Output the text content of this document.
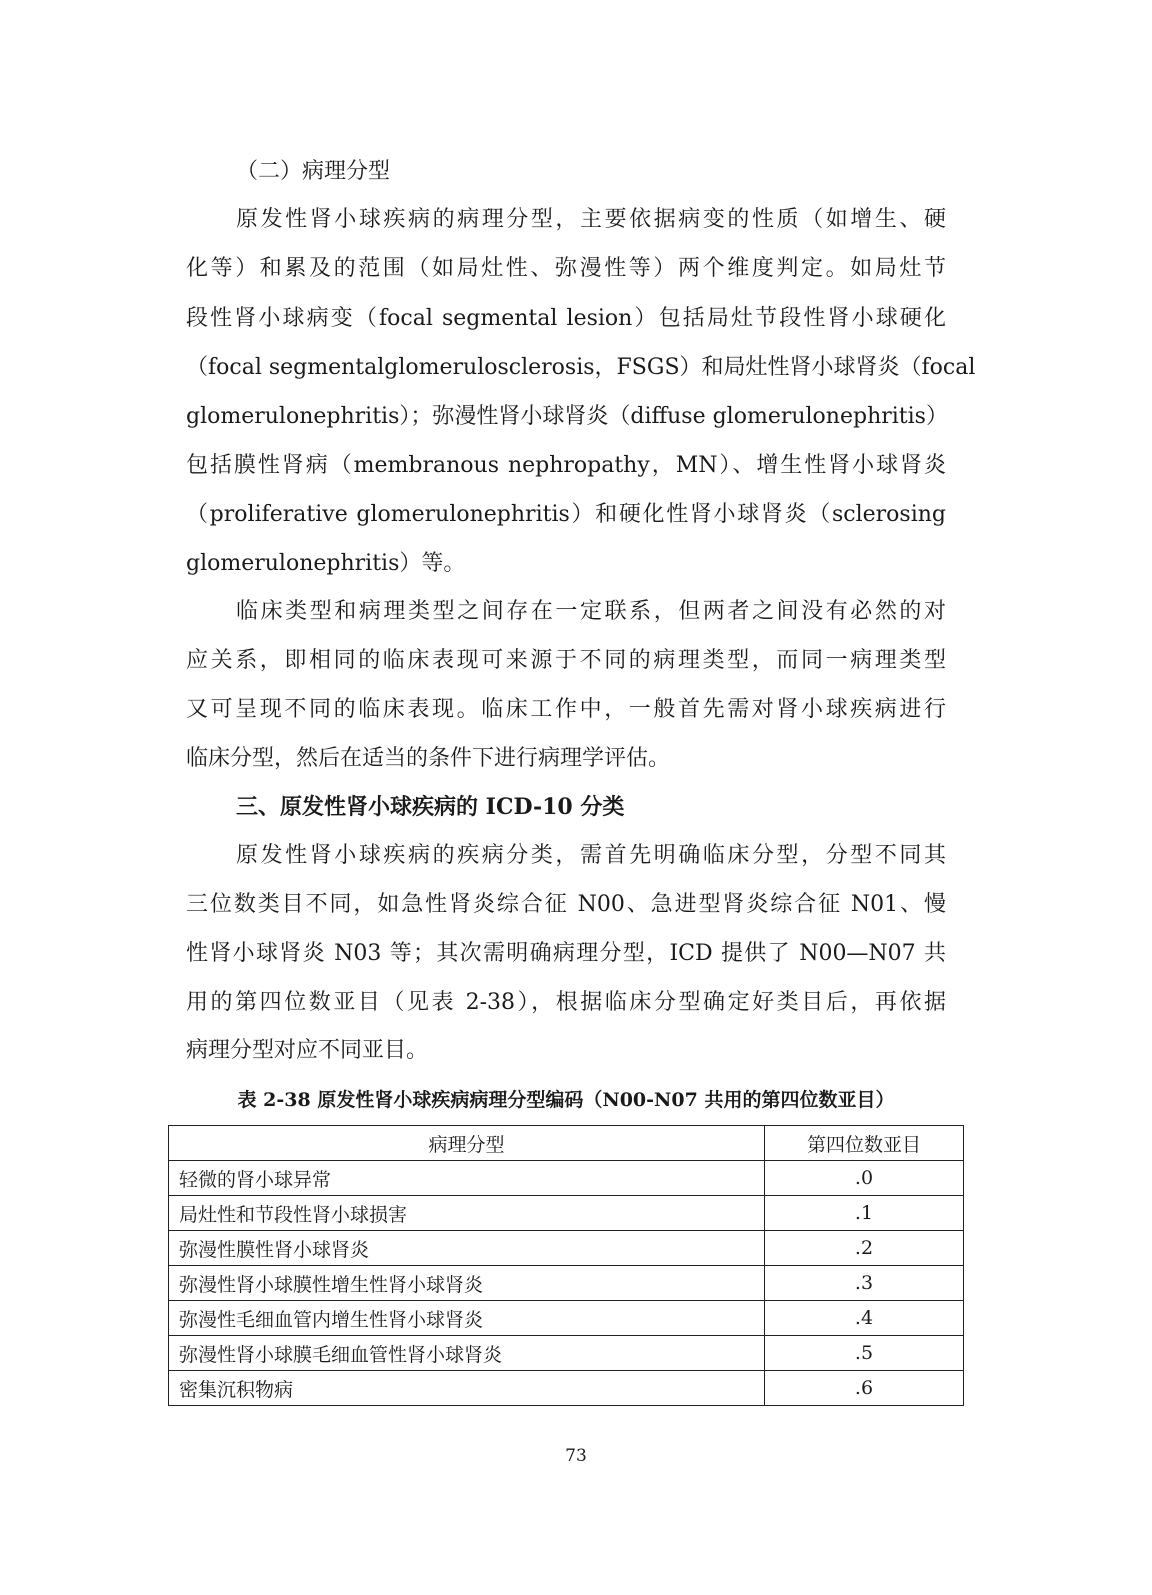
（二）病理分型
原发性肾小球疾病的病理分型，主要依据病变的性质（如增生、硬
化等）和累及的范围（如局灶性、弥漫性等）两个维度判定。如局灶节
段性肾小球病变（focal segmental lesion）包括局灶节段性肾小球硬化
（focal segmentalglomerulosclerosis，FSGS）和局灶性肾小球肾炎（focal
glomerulonephritis）；弥漫性肾小球肾炎（diffuse glomerulonephritis）
包括膜性肾病（membranous nephropathy，MN）、增生性肾小球肾炎
（proliferative glomerulonephritis）和硬化性肾小球肾炎（sclerosing
glomerulonephritis）等。
临床类型和病理类型之间存在一定联系，但两者之间没有必然的对
应关系，即相同的临床表现可来源于不同的病理类型，而同一病理类型
又可呈现不同的临床表现。临床工作中，一般首先需对肾小球疾病进行
临床分型，然后在适当的条件下进行病理学评估。
三、原发性肾小球疾病的 ICD-10 分类
原发性肾小球疾病的疾病分类，需首先明确临床分型，分型不同其
三位数类目不同，如急性肾炎综合征 N00、急进型肾炎综合征 N01、慢
性肾小球肾炎 N03 等；其次需明确病理分型，ICD 提供了 N00—N07 共
用的第四位数亚目（见表 2-38），根据临床分型确定好类目后，再依据
病理分型对应不同亚目。
表 2-38 原发性肾小球疾病病理分型编码（N00-N07 共用的第四位数亚目）
病理分型	第四位数亚目
轻微的肾小球异常	.0
局灶性和节段性肾小球损害	.1
弥漫性膜性肾小球肾炎	.2
弥漫性肾小球膜性增生性肾小球肾炎	.3
弥漫性毛细血管内增生性肾小球肾炎	.4
弥漫性肾小球膜毛细血管性肾小球肾炎	.5
密集沉积物病	.6
73
